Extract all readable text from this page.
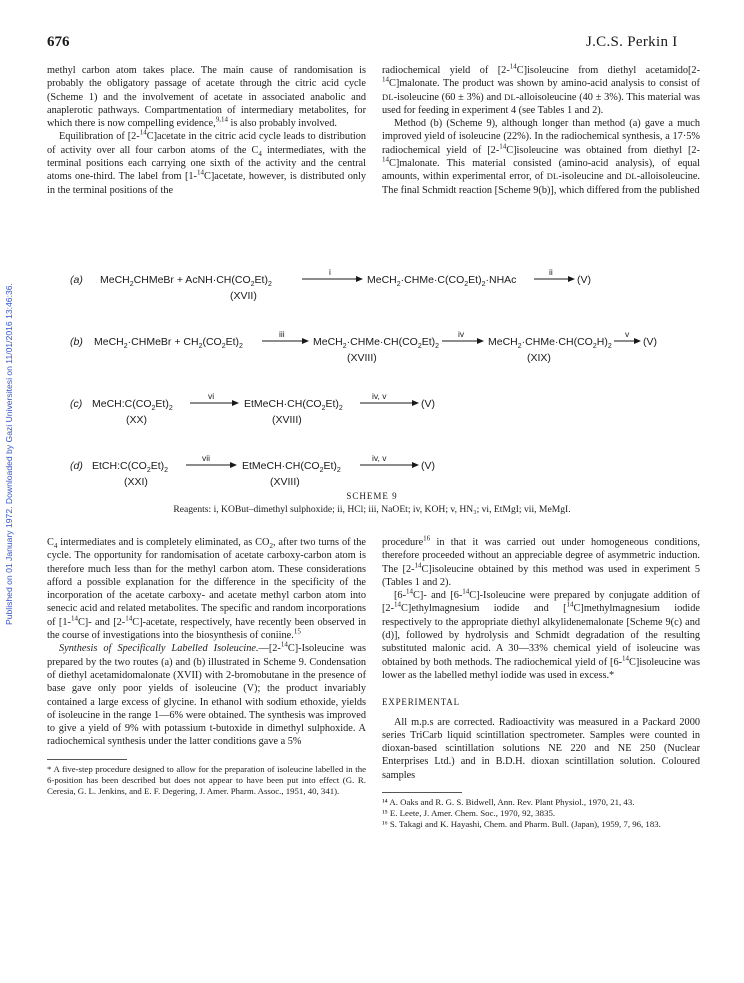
Published on 01 January 1972. Downloaded by Gazi Universitesi on 11/01/2016 13:46:36.
676	J.C.S. Perkin I

methyl carbon atom takes place. The main cause of randomisation is probably the obligatory passage of acetate through the citric acid cycle (Scheme 1) and the involvement of acetate in associated anabolic and anaplerotic pathways. Compartmentation of intermediary metabolites, for which there is now compelling evidence,$^{9,14}$ is also probably involved.

Equilibration of [2-$^{14}$C]acetate in the citric acid cycle leads to distribution of activity over all four carbon atoms of the $C_4$ intermediates, with the terminal positions each carrying one sixth of the activity and the central atoms one-third. The label from [1-$^{14}$C]acetate, however, is distributed only in the terminal positions of the

radiochemical yield of [2-$^{14}$C]isoleucine from diethyl acetamido[2-$^{14}$C]malonate. The product was shown by amino-acid analysis to consist of DL-isoleucine (60 ± 3%) and DL-alloisoleucine (40 ± 3%). This material was used for feeding in experiment 4 (see Tables 1 and 2).

Method (b) (Scheme 9), although longer than method (a) gave a much improved yield of isoleucine (22%). In the radiochemical synthesis, a 17·5% radiochemical yield of [2-$^{14}$C]isoleucine was obtained from diethyl [2-$^{14}$C]malonate. This material consisted (amino-acid analysis), of equal amounts, within experimental error, of DL-isoleucine and DL-alloisoleucine. The final Schmidt reaction [Scheme 9(b)], which differed from the published

(a) MeCH$_2$CHMeBr + $AcNH\cdot CH(CO_2Et)_2$
i
$MeCH_2\cdot CHMe\cdot C(CO_2Et)_2\cdot NHAc$
ii
(V)
(XVII)
(b) MeCH$_2$·CHMeBr + $CH_2(CO_2Et)_2$
iii
$MeCH_2\cdot CHMe\cdot CH(CO_2Et)_2$
iv
$MeCH_2\cdot CHMe\cdot CH(CO_2H)_2$
v
(V)
(XVIII)	(XIX)
(c) $MeCH:C(CO_2Et)_2$
vi
$EtMeCH\cdot CH(CO_2Et)_2$
iv, v
(V)
(XX)	(XVIII)
(d) $EtCH:C(CO_2Et)_2$
vii
$EtMeCH\cdot CH(CO_2Et)_2$
iv, v
(V)
(XXI)	(XVIII)
SCHEME 9
Reagents: i, KOBut–dimethyl sulphoxide; ii, HCl; iii, NaOEt; iv, KOH; v, HN₃; vi, EtMgI; vii, MeMgI.

$C_4$ intermediates and is completely eliminated, as $CO_2$, after two turns of the cycle. The opportunity for randomisation of acetate carboxy-carbon atom is therefore much less than for the methyl carbon atom. These considerations afford a possible explanation for the difference in the specificity of the incorporation of the acetate carboxy- and acetate methyl carbon atom into senecic acid and related metabolites. The specific and random incorporations of [1-$^{14}$C]- and [2-$^{14}$C]-acetate, respectively, have recently been observed in the course of investigations into the biosynthesis of coniine.$^{15}$

Synthesis of Specifically Labelled Isoleucine.—[2-$^{14}$C]-Isoleucine was prepared by the two routes (a) and (b) illustrated in Scheme 9. Condensation of diethyl acetamidomalonate (XVII) with 2-bromobutane in the presence of base gave only poor yields of isoleucine (V); the product invariably contained a large excess of glycine. In ethanol with sodium ethoxide, yields of isoleucine in the range 1—6% were obtained. The synthesis was improved to give a yield of 9% with potassium t-butoxide in dimethyl sulphoxide. A radiochemical synthesis under the latter conditions gave a 5%

* A five-step procedure designed to allow for the preparation of isoleucine labelled in the 6-position has been described but does not appear to have been put into effect (G. R. Ceresia, G. L. Jenkins, and E. F. Degering, J. Amer. Pharm. Assoc., 1951, 40, 341).

procedure$^{16}$ in that it was carried out under homogeneous conditions, therefore proceeded without an appreciable degree of asymmetric induction. The [2-$^{14}$C]isoleucine obtained by this method was used in experiment 5 (Tables 1 and 2).

[6-$^{14}$C]- and [6-$^{14}$C]-Isoleucine were prepared by conjugate addition of [2-$^{14}$C]ethylmagnesium iodide and [$^{14}$C]methylmagnesium iodide respectively to the appropriate diethyl alkylidenemalonate [Scheme 9(c) and (d)], followed by hydrolysis and Schmidt degradation of the resulting substituted malonic acid. A 30—33% chemical yield of isoleucine was obtained by both methods. The radiochemical yield of [6-$^{14}$C]isoleucine was lower as the labelled methyl iodide was used in excess.*

EXPERIMENTAL

All m.p.s are corrected. Radioactivity was measured in a Packard 2000 series TriCarb liquid scintillation spectrometer. Samples were counted in dioxan-based scintillation solutions NE 220 and NE 250 (Nuclear Enterprises Ltd.) and in B.D.H. dioxan scintillation solution. Coloured samples

¹⁴ A. Oaks and R. G. S. Bidwell, Ann. Rev. Plant Physiol., 1970, 21, 43.
¹⁵ E. Leete, J. Amer. Chem. Soc., 1970, 92, 3835.
¹⁶ S. Takagi and K. Hayashi, Chem. and Pharm. Bull. (Japan), 1959, 7, 96, 183.
